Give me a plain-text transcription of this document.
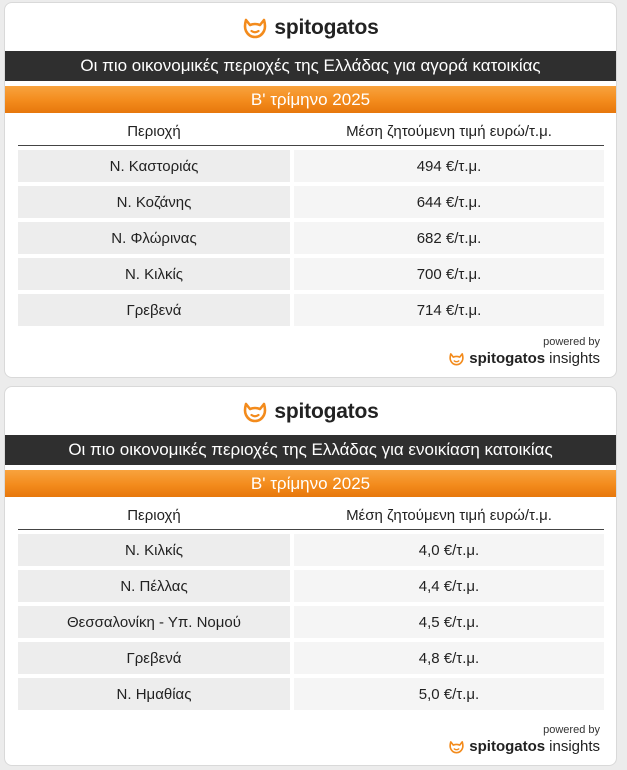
spitogatos
Οι πιο οικονομικές περιοχές της Ελλάδας για αγορά κατοικίας
Β' τρίμηνο 2025
Περιοχή	Μέση ζητούμενη τιμή ευρώ/τ.μ.
Ν. Καστοριάς	494 €/τ.μ.
Ν. Κοζάνης	644 €/τ.μ.
Ν. Φλώρινας	682 €/τ.μ.
Ν. Κιλκίς	700 €/τ.μ.
Γρεβενά	714 €/τ.μ.
powered by
spitogatos insights
spitogatos
Οι πιο οικονομικές περιοχές της Ελλάδας για ενοικίαση κατοικίας
Β' τρίμηνο 2025
Περιοχή	Μέση ζητούμενη τιμή ευρώ/τ.μ.
Ν. Κιλκίς	4,0 €/τ.μ.
Ν. Πέλλας	4,4 €/τ.μ.
Θεσσαλονίκη - Υπ. Νομού	4,5 €/τ.μ.
Γρεβενά	4,8 €/τ.μ.
Ν. Ημαθίας	5,0 €/τ.μ.
powered by
spitogatos insights
